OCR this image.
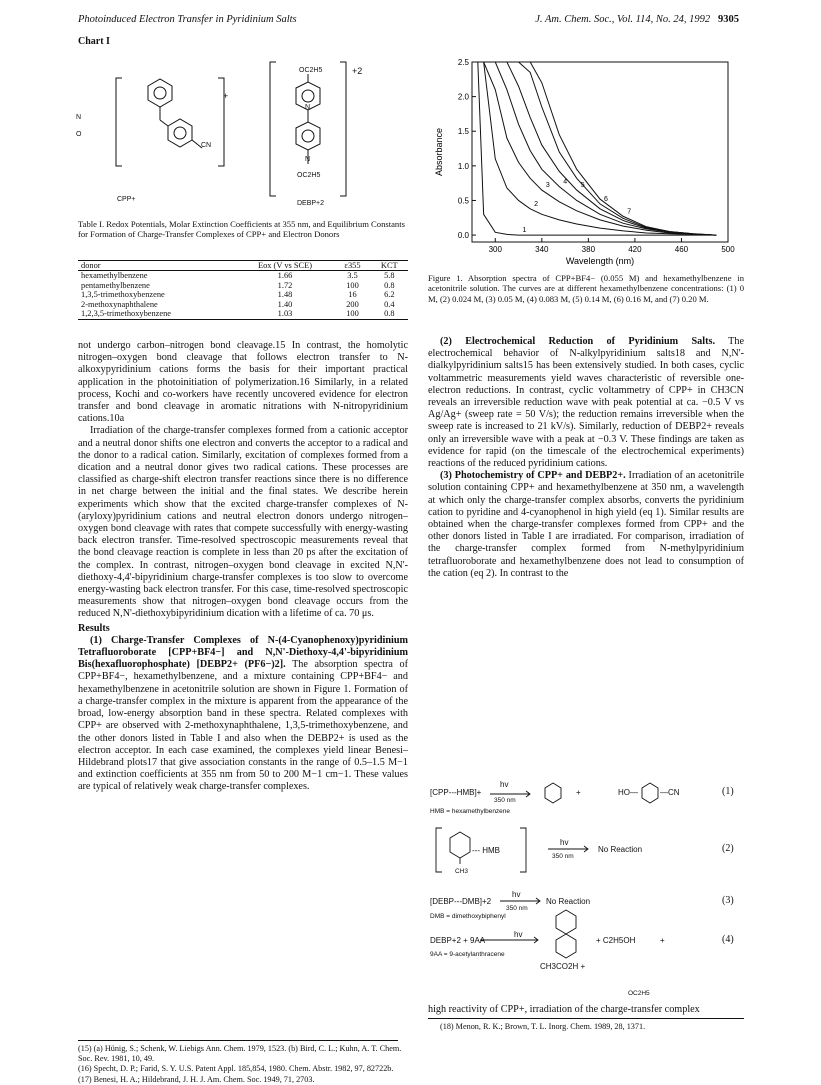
Photoinduced Electron Transfer in Pyridinium Salts	J. Am. Chem. Soc., Vol. 114, No. 24, 1992 9305
Chart I
N
O
CN
+
CPP+
OC2H5	+2
N
N
OC2H5
DEBP+2
Table I. Redox Potentials, Molar Extinction Coefficients at 355 nm, and Equilibrium Constants for Formation of Charge-Transfer Complexes of CPP+ and Electron Donors
donor	Eox (V vs SCE)	ε355	KCT
hexamethylbenzene	1.66	3.5	5.8
pentamethylbenzene	1.72	100	0.8
1,3,5-trimethoxybenzene	1.48	16	6.2
2-methoxynaphthalene	1.40	200	0.4
1,2,3,5-trimethoxybenzene	1.03	100	0.8

not undergo carbon–nitrogen bond cleavage.15 In contrast, the homolytic nitrogen–oxygen bond cleavage that follows electron transfer to N-alkoxypyridinium cations forms the basis for their important practical application in the photoinitiation of polymerization.16 Similarly, in a related process, Kochi and co-workers have recently uncovered evidence for electron transfer and bond cleavage in aromatic nitrations with N-nitropyridinium cations.10a

Irradiation of the charge-transfer complexes formed from a cationic acceptor and a neutral donor shifts one electron and converts the acceptor to a radical and the donor to a radical cation. Similarly, excitation of complexes formed from a dication and a neutral donor gives two radical cations. These processes are classified as charge-shift electron transfer reactions since there is no difference in net charge between the initial and the final states. We describe herein experiments which show that the excited charge-transfer complexes of N-(aryloxy)pyridinium cations and neutral electron donors undergo nitrogen–oxygen bond cleavage with rates that compete successfully with energy-wasting back electron transfer. Time-resolved spectroscopic measurements reveal that the bond cleavage reaction is complete in less than 20 ps after the excitation of the complex. In contrast, nitrogen–oxygen bond cleavage in excited N,N'-diethoxy-4,4'-bipyridinium charge-transfer complexes is too slow to overcome energy-wasting back electron transfer. For this case, time-resolved spectroscopic measurements show that nitrogen–oxygen bond cleavage occurs from the reduced N,N'-diethoxybipyridinium dication with a lifetime of ca. 70 μs.

Results

(1) Charge-Transfer Complexes of N-(4-Cyanophenoxy)pyridinium Tetrafluoroborate [CPP+BF4−] and N,N'-Diethoxy-4,4'-bipyridinium Bis(hexafluorophosphate) [DEBP2+ (PF6−)2]. The absorption spectra of CPP+BF4−, hexamethylbenzene, and a mixture containing CPP+BF4− and hexamethylbenzene in acetonitrile solution are shown in Figure 1. Formation of a charge-transfer complex in the mixture is apparent from the appearance of the broad, low-energy absorption band in these spectra. Related complexes with CPP+ are observed with 2-methoxynaphthalene, 1,3,5-trimethoxybenzene, and the other donors listed in Table I and also when the DEBP2+ is used as the electron acceptor. In each case examined, the complexes yield linear Benesi–Hildebrand plots17 that give association constants in the range of 0.5–1.5 M−1 and extinction coefficients at 355 nm from 50 to 200 M−1 cm−1. These values are typical of relatively weak charge-transfer complexes.

(15) (a) Hünig, S.; Schenk, W. Liebigs Ann. Chem. 1979, 1523. (b) Bird, C. L.; Kuhn, A. T. Chem. Soc. Rev. 1981, 10, 49.
(16) Specht, D. P.; Farid, S. Y. U.S. Patent Appl. 185,854, 1980. Chem. Abstr. 1982, 97, 82722b.
(17) Benesi, H. A.; Hildebrand, J. H. J. Am. Chem. Soc. 1949, 71, 2703.
300	340	380	420	460	500
0.0
0.5
1.0
1.5
2.0
2.5
Wavelength (nm)
Absorbance
1
2
3 4 5
6
7
Figure 1. Absorption spectra of CPP+BF4− (0.055 M) and hexamethylbenzene in acetonitrile solution. The curves are at different hexamethylbenzene concentrations: (1) 0 M, (2) 0.024 M, (3) 0.05 M, (4) 0.083 M, (5) 0.14 M, (6) 0.16 M, and (7) 0.20 M.

(2) Electrochemical Reduction of Pyridinium Salts. The electrochemical behavior of N-alkylpyridinium salts18 and N,N'-dialkylpyridinium salts15 has been extensively studied. In both cases, cyclic voltammetric measurements yield waves characteristic of reversible one-electron reductions. In contrast, cyclic voltammetry of CPP+ in CH3CN reveals an irreversible reduction wave with peak potential at ca. −0.5 V vs Ag/Ag+ (sweep rate = 50 V/s); the reduction remains irreversible when the sweep rate is increased to 21 kV/s). Similarly, reduction of DEBP2+ reveals only an irreversible wave with a peak at −0.3 V. These findings are taken as evidence for rapid (on the timescale of the electrochemical experiments) reactions of the reduced pyridinium cations.

(3) Photochemistry of CPP+ and DEBP2+. Irradiation of an acetonitrile solution containing CPP+ and hexamethylbenzene at 350 nm, a wavelength at which only the charge-transfer complex absorbs, converts the pyridinium cation to pyridine and 4-cyanophenol in high yield (eq 1). Similar results are obtained when the charge-transfer complexes formed from CPP+ and the other donors listed in Table I are irradiated. For comparison, irradiation of the charge-transfer complex formed from N-methylpyridinium tetrafluoroborate and hexamethylbenzene does not lead to consumption of the cation (eq 2). In contrast to the

[CPP---HMB]+
hv
350 nm
+	HO—	—CN	(1)
HMB = hexamethylbenzene
--- HMB
CH3
hv
350 nm
No Reaction	(2)
[DEBP---DMB]+2
hv
350 nm
No Reaction	(3)
DMB = dimethoxybiphenyl
DEBP+2 + 9AA
hv
+ C2H5OH	+	(4)
9AA = 9-acetylanthracene
CH3CO2H +
OC2H5

high reactivity of CPP+, irradiation of the charge-transfer complex

(18) Menon, R. K.; Brown, T. L. Inorg. Chem. 1989, 28, 1371.
